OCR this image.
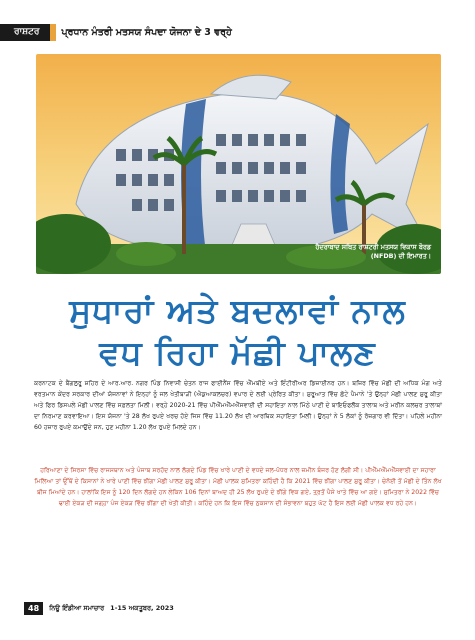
ਰਾਸ਼ਟਰ	ਪ੍ਰਧਾਨ ਮੰਤਰੀ ਮਤਸਯ ਸੰਪਦਾ ਯੋਜਨਾ ਦੇ 3 ਵਰ੍ਹੇ
ਹੈਦਰਾਬਾਦ ਸਥਿਤ ਰਾਸ਼ਟਰੀ ਮਤਸਯ ਵਿਕਾਸ ਬੋਰਡ (NFDB) ਦੀ ਇਮਾਰਤ।
ਸੁਧਾਰਾਂ ਅਤੇ ਬਦਲਾਵਾਂ ਨਾਲ
ਵਧ ਰਿਹਾ ਮੱਛੀ ਪਾਲਣ

ਕਰਨਾਟਕ ਦੇ ਬੈਂਗਲੁਰੂ ਸ਼ਹਿਰ ਦੇ ਆਰ.ਆਰ. ਨਗਰ ਪਿੰਡ ਨਿਵਾਸੀ ਚੇਤਨ ਰਾਜ ਫਾਈਨੈਂਸ ਵਿੱਚ ਐੱਮਬੀਏ ਅਤੇ ਇੰਟੀਰੀਅਰ ਡਿਜ਼ਾਈਨਰ ਹਨ। ਬਜ਼ਿਰ ਵਿੱਚ ਮੱਛੀ ਦੀ ਅਧਿਕ ਮੰਗ ਅਤੇ ਵਰਤਮਾਨ ਕੇਂਦਰ ਸਰਕਾਰ ਦੀਆਂ ਯੋਜਨਾਵਾਂ ਨੇ ਇਨ੍ਹਾਂ ਨੂੰ ਜਲ ਖੇਤੀਬਾੜੀ (ਐਕੁਆਕਲਚਰ) ਵਪਾਰ ਦੇ ਲਈ ਪ੍ਰੇਰਿਤ ਕੀਤਾ। ਸ਼ੁਰੂਆਤ ਵਿੱਚ ਛੋਟੇ ਪੈਮਾਨੇ 'ਤੇ ਉਨ੍ਹਾਂ ਮੱਛੀ ਪਾਲਣ ਸ਼ੁਰੂ ਕੀਤਾ ਅਤੇ ਫਿਰ ਡਿਸਪਲੇ ਮੱਛੀ ਪਾਲਣ ਵਿੱਚ ਸਫ਼ਲਤਾ ਮਿਲੀ। ਵਰ੍ਹੇ 2020-21 ਵਿੱਚ ਪੀਐੱਮਐੱਮਐੱਸਵਾਈ ਦੀ ਸਹਾਇਤਾ ਨਾਲ ਮਿੱਠੇ ਪਾਣੀ ਦੇ ਬਾਇਓਫਲੌਕ ਤਾਲਾਬ ਅਤੇ ਮਰੀਨ ਕਲਚਰ ਤਾਲਾਬਾਂ ਦਾ ਨਿਰਮਾਣ ਕਰਵਾਇਆ। ਇਸ ਯੋਜਨਾ 'ਤੇ 28 ਲੱਖ ਰੁਪਏ ਖਰਚ ਹੋਏ ਜਿਸ ਵਿੱਚ 11.20 ਲੱਖ ਦੀ ਆਰਥਿਕ ਸਹਾਇਤਾ ਮਿਲੀ। ਉਨ੍ਹਾਂ ਨੇ 5 ਲੋਕਾਂ ਨੂੰ ਰੋਜ਼ਗਾਰ ਵੀ ਦਿੱਤਾ। ਪਹਿਲੇ ਮਹੀਨਾ 60 ਹਜ਼ਾਰ ਰੁਪਏ ਕਮਾਉਂਦੇ ਸਨ, ਹੁਣ ਮਹੀਨਾ 1.20 ਲੱਖ ਰੁਪਏ ਮਿਲਦੇ ਹਨ।

ਹਰਿਆਣਾ ਦੇ ਸਿਰਸਾ ਵਿੱਚ ਰਾਜਸਥਾਨ ਅਤੇ ਪੰਜਾਬ ਸਰਹੱਦ ਨਾਲ ਲੱਗਦੇ ਪਿੰਡ ਵਿੱਚ ਖਾਰੇ ਪਾਣੀ ਦੇ ਵਧਦੇ ਜਲ-ਪੱਧਰ ਨਾਲ ਜ਼ਮੀਨ ਬੰਜਰ ਹੋਣ ਲੱਗੀ ਸੀ। ਪੀਐੱਮਐੱਮਐੱਸਵਾਈ ਦਾ ਸਹਾਰਾ ਮਿਲਿਆ ਤਾਂ ਉੱਥੋਂ ਦੇ ਕਿਸਾਨਾਂ ਨੇ ਖਾਰੇ ਪਾਣੀ ਵਿੱਚ ਝੀਂਗਾ ਮੱਛੀ ਪਾਲਣ ਸ਼ੁਰੂ ਕੀਤਾ। ਮੱਛੀ ਪਾਲਕ ਸੁਮਿਤਰਾ ਕਹਿੰਦੀ ਹੈ ਕਿ 2021 ਵਿੱਚ ਝੀਂਗਾ ਪਾਲਣ ਸ਼ੁਰੂ ਕੀਤਾ। ਚੇਨੱਈ ਤੋਂ ਮੱਛੀ ਦੇ ਤਿੰਨ ਲੱਖ ਬੀਜ ਮਿਆਂਦੇ ਹਨ। ਹਾਲਾਂਕਿ ਇਸ ਨੂੰ 120 ਦਿਨ ਲੱਗਦੇ ਹਨ ਲੇਕਿਨ 106 ਦਿਨਾਂ ਬਾਅਦ ਹੀ 25 ਲੱਖ ਰੁਪਏ ਦੇ ਝੀਂਗੇ ਵਿਕ ਗਏ, ਤ੍ਰਤੋਂ ਪੈਸੇ ਖਾਤੇ ਵਿੱਚ ਆ ਗਏ। ਸੁਮਿਤਰਾ ਨੇ 2022 ਵਿੱਚ ਢਾਈ ਏਕੜ ਦੀ ਜਗ੍ਹਾ ਪੰਜ ਏਕੜ ਵਿੱਚ ਝੀਂਗਾ ਦੀ ਖੇਤੀ ਕੀਤੀ। ਕਹਿੰਦੇ ਹਨ ਕਿ ਇਸ ਵਿੱਚ ਨੁਕਸਾਨ ਦੀ ਸੰਭਾਵਨਾ ਬਹੁਤ ਘੱਟ ਹੈ ਇਸ ਲਈ ਮੱਛੀ ਪਾਲਕ ਵਧ ਰਹੇ ਹਨ।

48	ਨਿਊ ਇੰਡੀਆ ਸਮਾਚਾਰ 1-15 ਅਕਤੂਬਰ, 2023
